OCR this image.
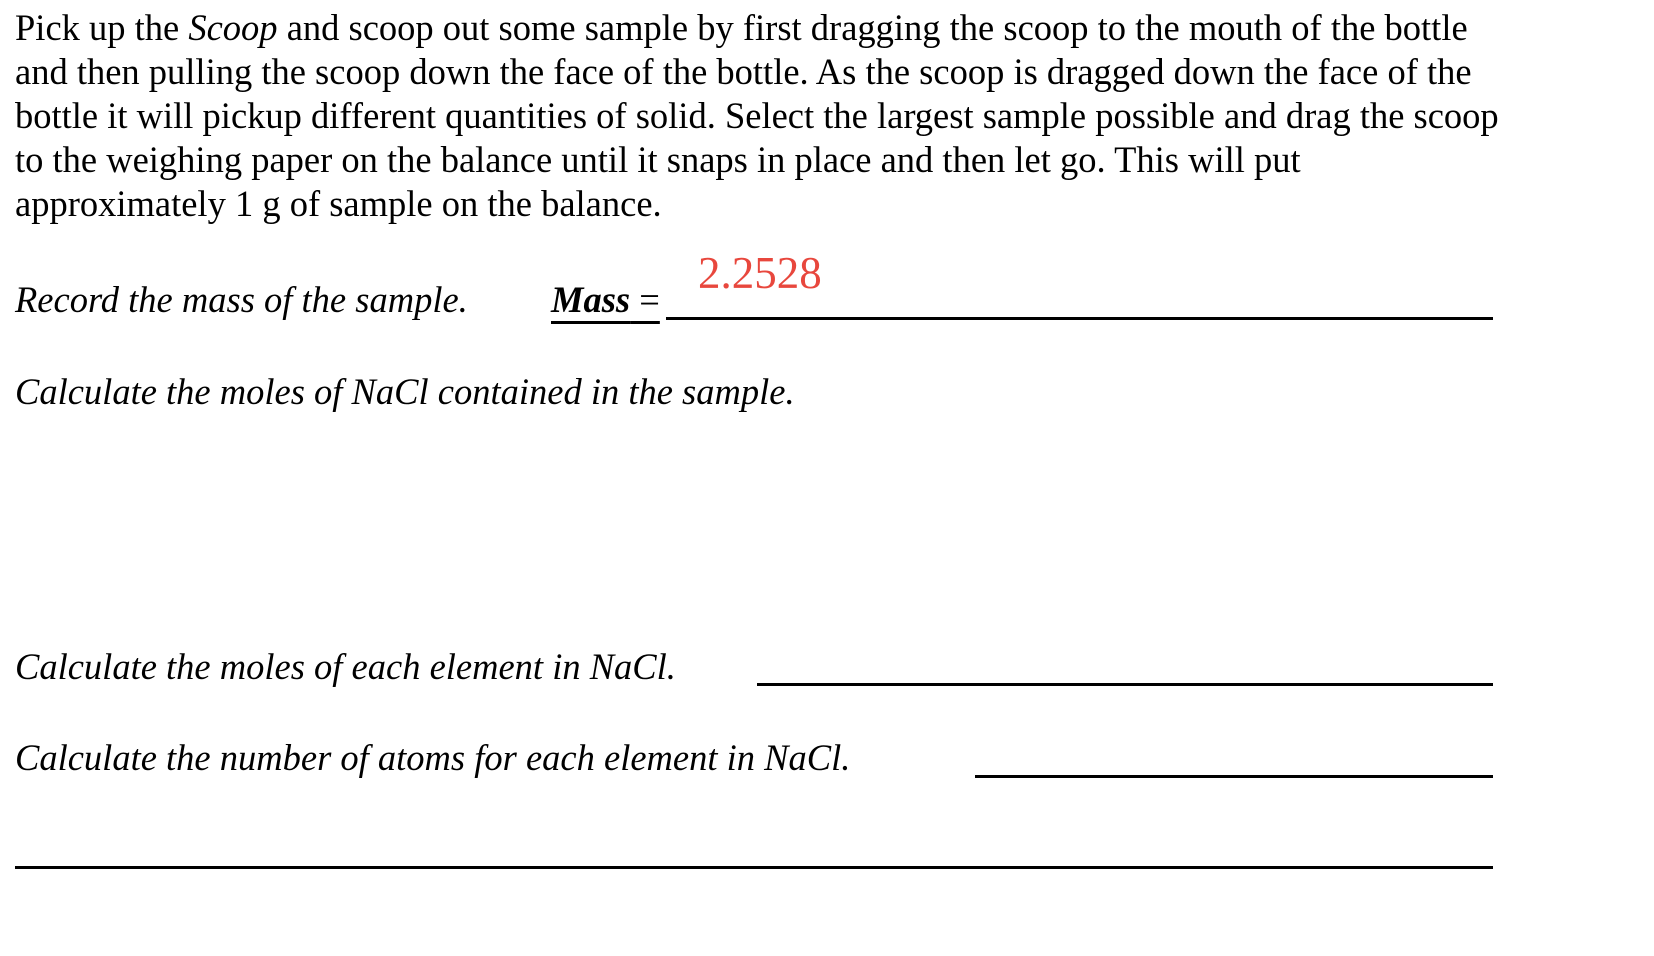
Pick up the Scoop and scoop out some sample by first dragging the scoop to the mouth of the bottle
and then pulling the scoop down the face of the bottle. As the scoop is dragged down the face of the
bottle it will pickup different quantities of solid. Select the largest sample possible and drag the scoop
to the weighing paper on the balance until it snaps in place and then let go. This will put
approximately 1 g of sample on the balance.
Record the mass of the sample. Mass =
2.2528
Calculate the moles of NaCl contained in the sample.
Calculate the moles of each element in NaCl.
Calculate the number of atoms for each element in NaCl.
